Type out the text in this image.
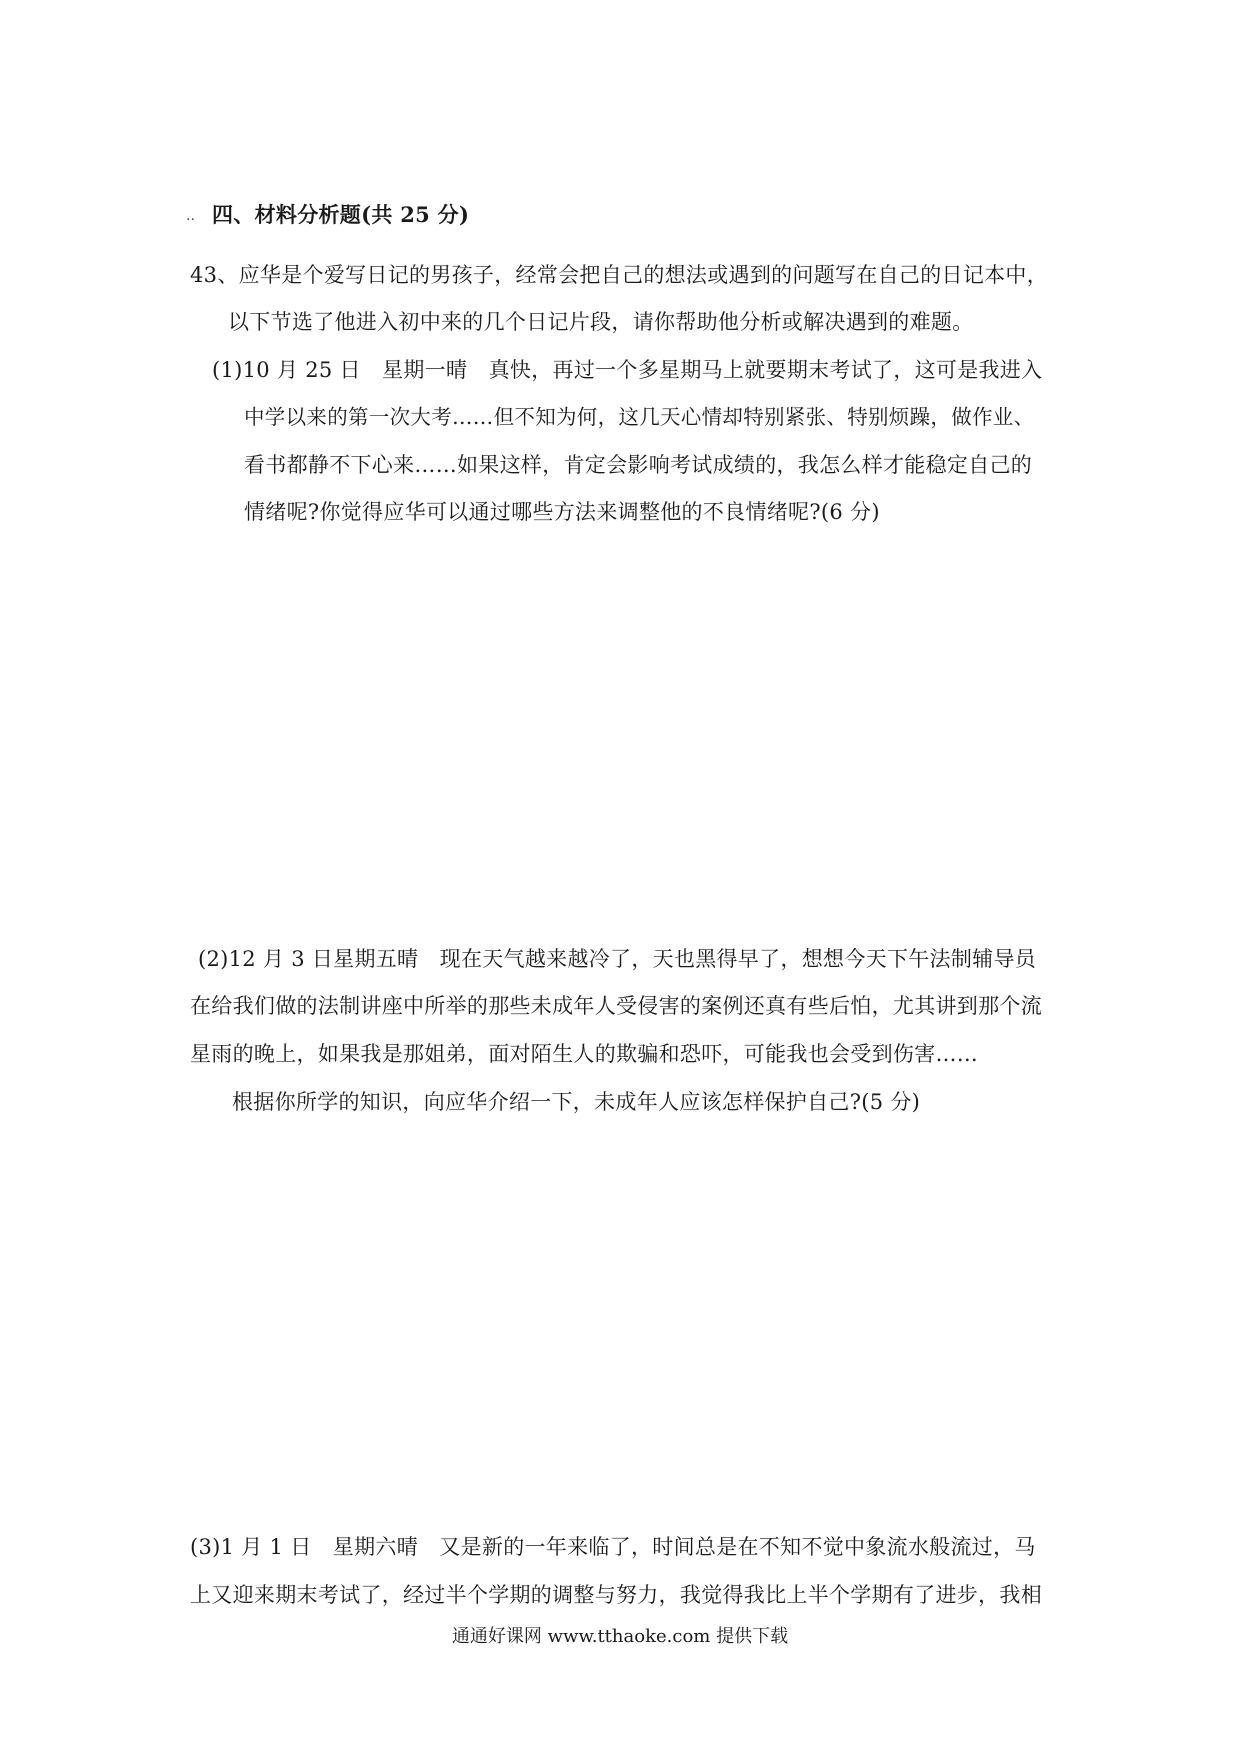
.. 四、材料分析题(共 25 分)
43、应华是个爱写日记的男孩子，经常会把自己的想法或遇到的问题写在自己的日记本中，
以下节选了他进入初中来的几个日记片段，请你帮助他分析或解决遇到的难题。
(1)10 月 25 日　星期一晴　真快，再过一个多星期马上就要期末考试了，这可是我进入
中学以来的第一次大考……但不知为何，这几天心情却特别紧张、特别烦躁，做作业、
看书都静不下心来……如果这样，肯定会影响考试成绩的，我怎么样才能稳定自己的
情绪呢?你觉得应华可以通过哪些方法来调整他的不良情绪呢?(6 分)
(2)12 月 3 日星期五晴　现在天气越来越冷了，天也黑得早了，想想今天下午法制辅导员
在给我们做的法制讲座中所举的那些未成年人受侵害的案例还真有些后怕，尤其讲到那个流
星雨的晚上，如果我是那姐弟，面对陌生人的欺骗和恐吓，可能我也会受到伤害……
根据你所学的知识，向应华介绍一下，未成年人应该怎样保护自己?(5 分)
(3)1 月 1 日　星期六晴　又是新的一年来临了，时间总是在不知不觉中象流水般流过，马
上又迎来期末考试了，经过半个学期的调整与努力，我觉得我比上半个学期有了进步，我相
通通好课网 www.tthaoke.com 提供下载
